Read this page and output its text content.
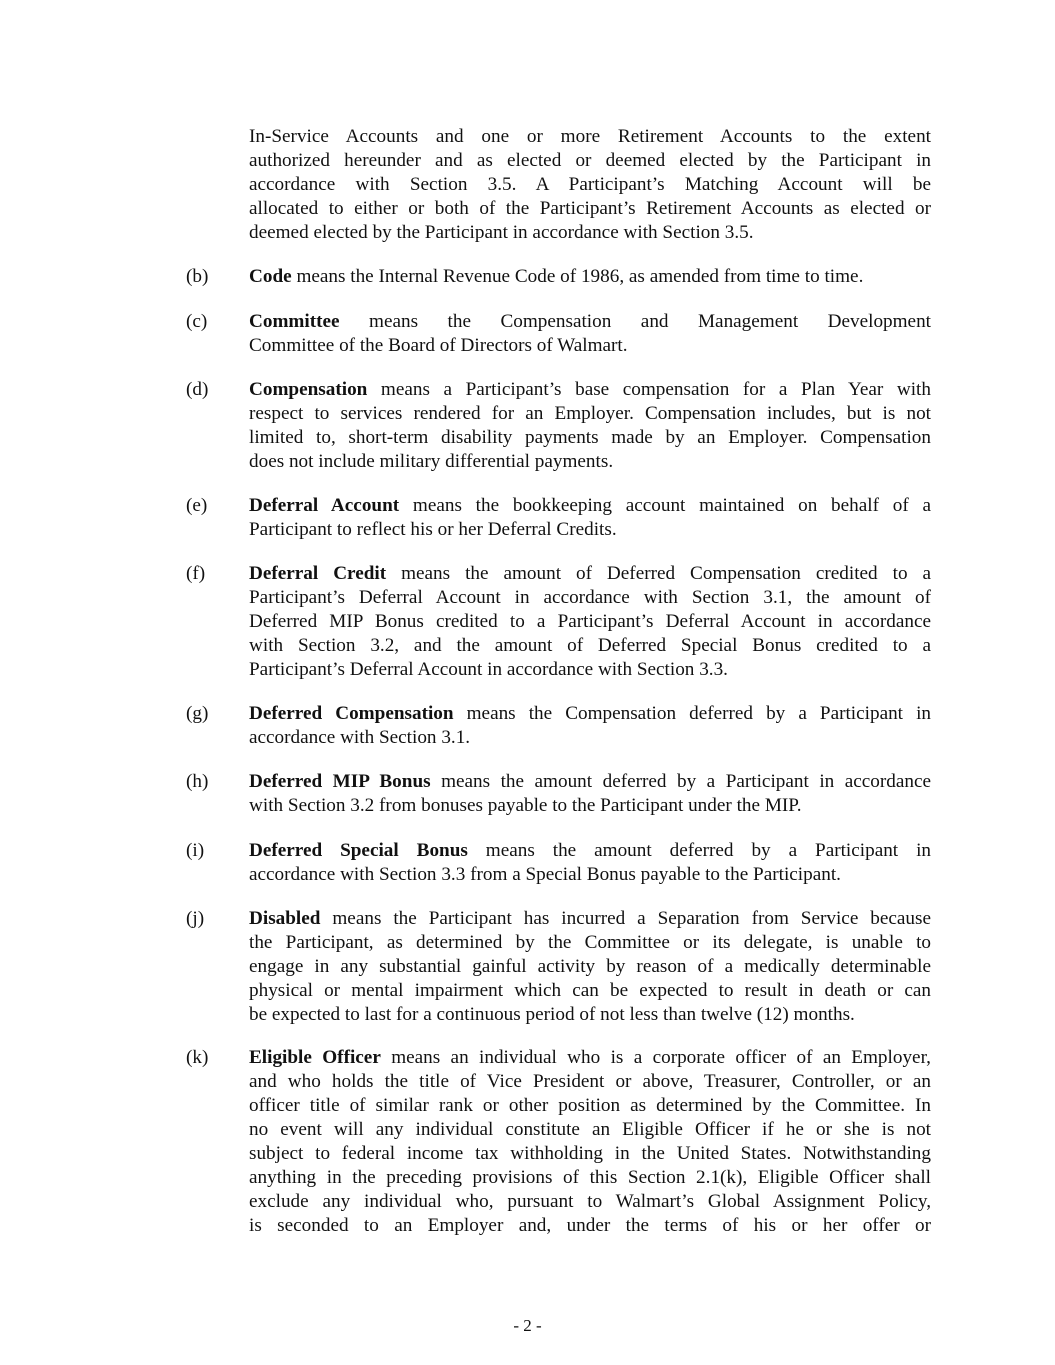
In-Service Accounts and one or more Retirement Accounts to the extent
authorized hereunder and as elected or deemed elected by the Participant in
accordance with Section 3.5. A Participant’s Matching Account will be
allocated to either or both of the Participant’s Retirement Accounts as elected or
deemed elected by the Participant in accordance with Section 3.5.
(b) Code means the Internal Revenue Code of 1986, as amended from time to time.
(c) Committee means the Compensation and Management Development
Committee of the Board of Directors of Walmart.
(d) Compensation means a Participant’s base compensation for a Plan Year with
respect to services rendered for an Employer. Compensation includes, but is not
limited to, short-term disability payments made by an Employer. Compensation
does not include military differential payments.
(e) Deferral Account means the bookkeeping account maintained on behalf of a
Participant to reflect his or her Deferral Credits.
(f) Deferral Credit means the amount of Deferred Compensation credited to a
Participant’s Deferral Account in accordance with Section 3.1, the amount of
Deferred MIP Bonus credited to a Participant’s Deferral Account in accordance
with Section 3.2, and the amount of Deferred Special Bonus credited to a
Participant’s Deferral Account in accordance with Section 3.3.
(g) Deferred Compensation means the Compensation deferred by a Participant in
accordance with Section 3.1.
(h) Deferred MIP Bonus means the amount deferred by a Participant in accordance
with Section 3.2 from bonuses payable to the Participant under the MIP.
(i) Deferred Special Bonus means the amount deferred by a Participant in
accordance with Section 3.3 from a Special Bonus payable to the Participant.
(j) Disabled means the Participant has incurred a Separation from Service because
the Participant, as determined by the Committee or its delegate, is unable to
engage in any substantial gainful activity by reason of a medically determinable
physical or mental impairment which can be expected to result in death or can
be expected to last for a continuous period of not less than twelve (12) months.
(k) Eligible Officer means an individual who is a corporate officer of an Employer,
and who holds the title of Vice President or above, Treasurer, Controller, or an
officer title of similar rank or other position as determined by the Committee. In
no event will any individual constitute an Eligible Officer if he or she is not
subject to federal income tax withholding in the United States. Notwithstanding
anything in the preceding provisions of this Section 2.1(k), Eligible Officer shall
exclude any individual who, pursuant to Walmart’s Global Assignment Policy,
is seconded to an Employer and, under the terms of his or her offer or
- 2 -
